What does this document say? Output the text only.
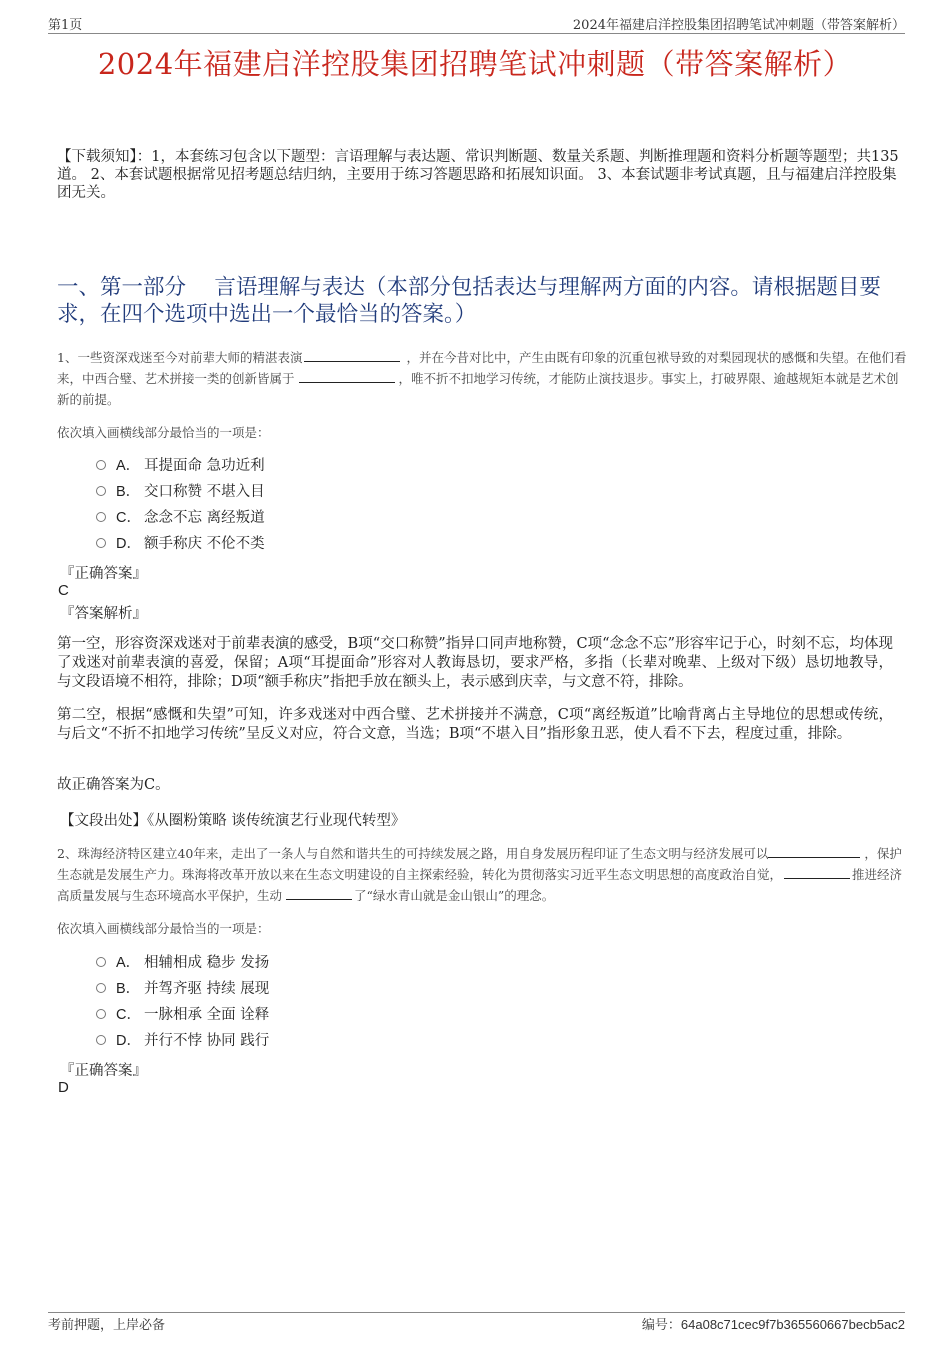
第1页	2024年福建启洋控股集团招聘笔试冲刺题（带答案解析）
2024年福建启洋控股集团招聘笔试冲刺题（带答案解析）
【下载须知】：1，本套练习包含以下题型：言语理解与表达题、常识判断题、数量关系题、判断推理题和资料分析题等题型；共135道。 2、本套试题根据常见招考题总结归纳，主要用于练习答题思路和拓展知识面。 3、本套试题非考试真题，且与福建启洋控股集团无关。
一、第一部分　 言语理解与表达（本部分包括表达与理解两方面的内容。请根据题目要求，在四个选项中选出一个最恰当的答案。）
1、一些资深戏迷至今对前辈大师的精湛表演	，并在今昔对比中，产生由既有印象的沉重包袱导致的对梨园现状的感慨和失望。在他们看来，中西合璧、艺术拼接一类的创新皆属于	，唯不折不扣地学习传统，才能防止演技退步。事实上，打破界限、逾越规矩本就是艺术创新的前提。
依次填入画横线部分最恰当的一项是：
A． 耳提面命 急功近利
B． 交口称赞 不堪入目
C． 念念不忘 离经叛道
D． 额手称庆 不伦不类
『正确答案』
C
『答案解析』
第一空，形容资深戏迷对于前辈表演的感受，B项“交口称赞”指异口同声地称赞，C项“念念不忘”形容牢记于心，时刻不忘，均体现了戏迷对前辈表演的喜爱，保留；A项“耳提面命”形容对人教诲恳切，要求严格，多指（长辈对晚辈、上级对下级）恳切地教导，与文段语境不相符，排除；D项“额手称庆”指把手放在额头上，表示感到庆幸，与文意不符，排除。
第二空，根据“感慨和失望”可知，许多戏迷对中西合璧、艺术拼接并不满意，C项“离经叛道”比喻背离占主导地位的思想或传统，与后文“不折不扣地学习传统”呈反义对应，符合文意，当选；B项“不堪入目”指形象丑恶，使人看不下去，程度过重，排除。
故正确答案为C。
【文段出处】《从圈粉策略 谈传统演艺行业现代转型》
2、珠海经济特区建立40年来，走出了一条人与自然和谐共生的可持续发展之路，用自身发展历程印证了生态文明与经济发展可以	，保护生态就是发展生产力。珠海将改革开放以来在生态文明建设的自主探索经验，转化为贯彻落实习近平生态文明思想的高度政治自觉，	推进经济高质量发展与生态环境高水平保护，生动	了“绿水青山就是金山银山”的理念。
依次填入画横线部分最恰当的一项是：
A． 相辅相成 稳步 发扬
B． 并驾齐驱 持续 展现
C． 一脉相承 全面 诠释
D． 并行不悖 协同 践行
『正确答案』
D
考前押题，上岸必备	编号：64a08c71cec9f7b365560667becb5ac2
